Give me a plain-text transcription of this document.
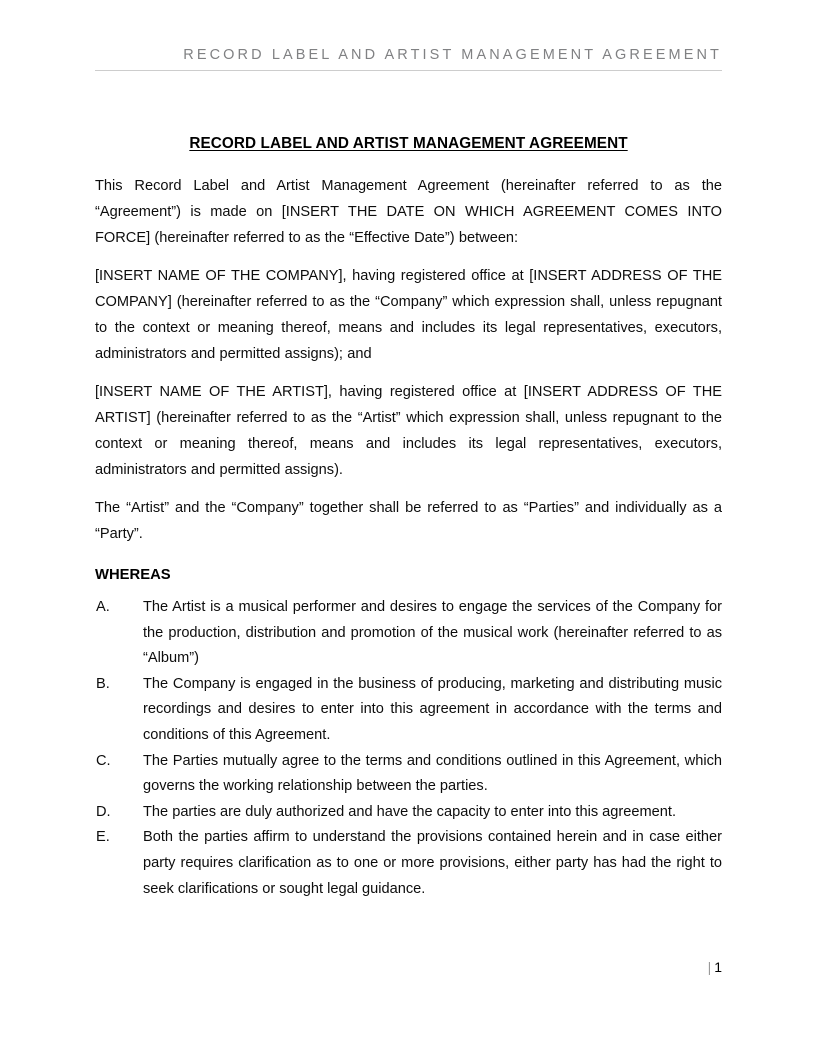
RECORD LABEL AND ARTIST MANAGEMENT AGREEMENT
RECORD LABEL AND ARTIST MANAGEMENT AGREEMENT

This Record Label and Artist Management Agreement (hereinafter referred to as the “Agreement”) is made on [INSERT THE DATE ON WHICH AGREEMENT COMES INTO FORCE] (hereinafter referred to as the “Effective Date”) between:

[INSERT NAME OF THE COMPANY], having registered office at [INSERT ADDRESS OF THE COMPANY] (hereinafter referred to as the “Company” which expression shall, unless repugnant to the context or meaning thereof, means and includes its legal representatives, executors, administrators and permitted assigns); and

[INSERT NAME OF THE ARTIST], having registered office at [INSERT ADDRESS OF THE ARTIST] (hereinafter referred to as the “Artist” which expression shall, unless repugnant to the context or meaning thereof, means and includes its legal representatives, executors, administrators and permitted assigns).

The “Artist” and the “Company” together shall be referred to as “Parties” and individually as a “Party”.

WHEREAS
A.	The Artist is a musical performer and desires to engage the services of the Company for the production, distribution and promotion of the musical work (hereinafter referred to as “Album”)
B.	The Company is engaged in the business of producing, marketing and distributing music recordings and desires to enter into this agreement in accordance with the terms and conditions of this Agreement.
C.	The Parties mutually agree to the terms and conditions outlined in this Agreement, which governs the working relationship between the parties.
D.	The parties are duly authorized and have the capacity to enter into this agreement.
E.	Both the parties affirm to understand the provisions contained herein and in case either party requires clarification as to one or more provisions, either party has had the right to seek clarifications or sought legal guidance.
| 1
